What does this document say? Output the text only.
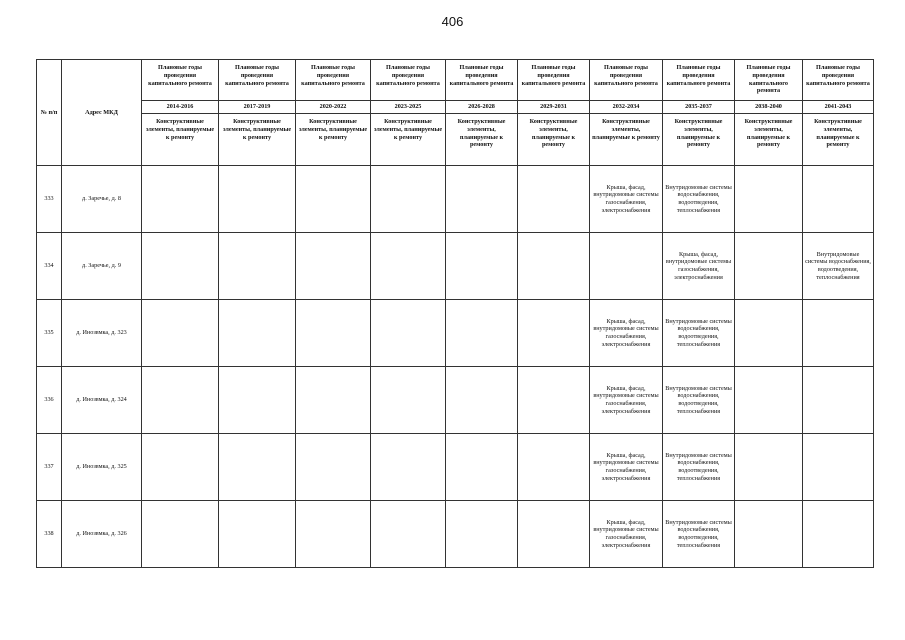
406
№ п/п	Адрес МКД	Плановые годы проведения капитального ремонта	Плановые годы проведения капитального ремонта	Плановые годы проведения капитального ремонта	Плановые годы проведения капитального ремонта	Плановые годы проведения капитального ремонта	Плановые годы проведения капитального ремонта	Плановые годы проведения капитального ремонта	Плановые годы проведения капитального ремонта	Плановые годы проведения капитального ремонта	Плановые годы проведения капитального ремонта
		2014-2016	2017-2019	2020-2022	2023-2025	2026-2028	2029-2031	2032-2034	2035-2037	2038-2040	2041-2043
		Конструктивные элементы, планируемые к ремонту	Конструктивные элементы, планируемые к ремонту	Конструктивные элементы, планируемые к ремонту	Конструктивные элементы, планируемые к ремонту	Конструктивные элементы, планируемые к ремонту	Конструктивные элементы, планируемые к ремонту	Конструктивные элементы, планируемые к ремонту	Конструктивные элементы, планируемые к ремонту	Конструктивные элементы, планируемые к ремонту	Конструктивные элементы, планируемые к ремонту
333	д. Заречье, д. 8							Крыша, фасад, внутридомовые системы газоснабжения, электроснабжения	Внутридомовые системы водоснабжения, водоотведения, теплоснабжения		
334	д. Заречье, д. 9								Крыша, фасад, внутридомовые системы газоснабжения, электроснабжения		Внутридомовые системы водоснабжения, водоотведения, теплоснабжения
335	д. Инозвмка, д. 323							Крыша, фасад, внутридомовые системы газоснабжения, электроснабжения	Внутридомовые системы водоснабжения, водоотведения, теплоснабжения		
336	д. Инозвмка, д. 324							Крыша, фасад, внутридомовые системы газоснабжения, электроснабжения	Внутридомовые системы водоснабжения, водоотведения, теплоснабжения		
337	д. Инозвмка, д. 325							Крыша, фасад, внутридомовые системы газоснабжения, электроснабжения	Внутридомовые системы водоснабжения, водоотведения, теплоснабжения		
338	д. Инозвмка, д. 326							Крыша, фасад, внутридомовые системы газоснабжения, электроснабжения	Внутридомовые системы водоснабжения, водоотведения, теплоснабжения		
